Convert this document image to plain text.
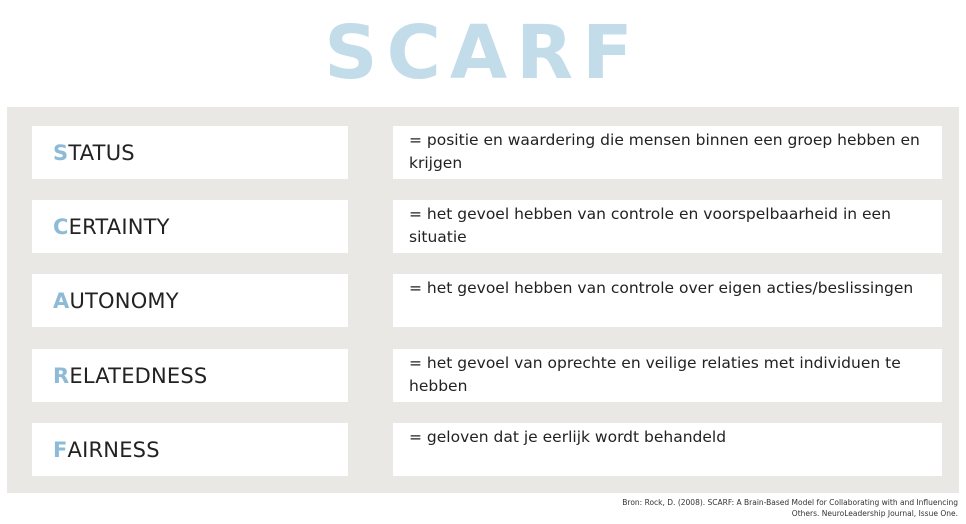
SCARF
S TATUS
= positie en waardering die mensen binnen een groep hebben en krijgen
C ERTAINTY
= het gevoel hebben van controle en voorspelbaarheid in een situatie
A UTONOMY
= het gevoel hebben van controle over eigen acties/beslissingen
R ELATEDNESS
= het gevoel van oprechte en veilige relaties met individuen te hebben
F AIRNESS
= geloven dat je eerlijk wordt behandeld
Bron: Rock, D. (2008). SCARF: A Brain-Based Model for Collaborating with and Influencing
Others. NeuroLeadership Journal, Issue One.
